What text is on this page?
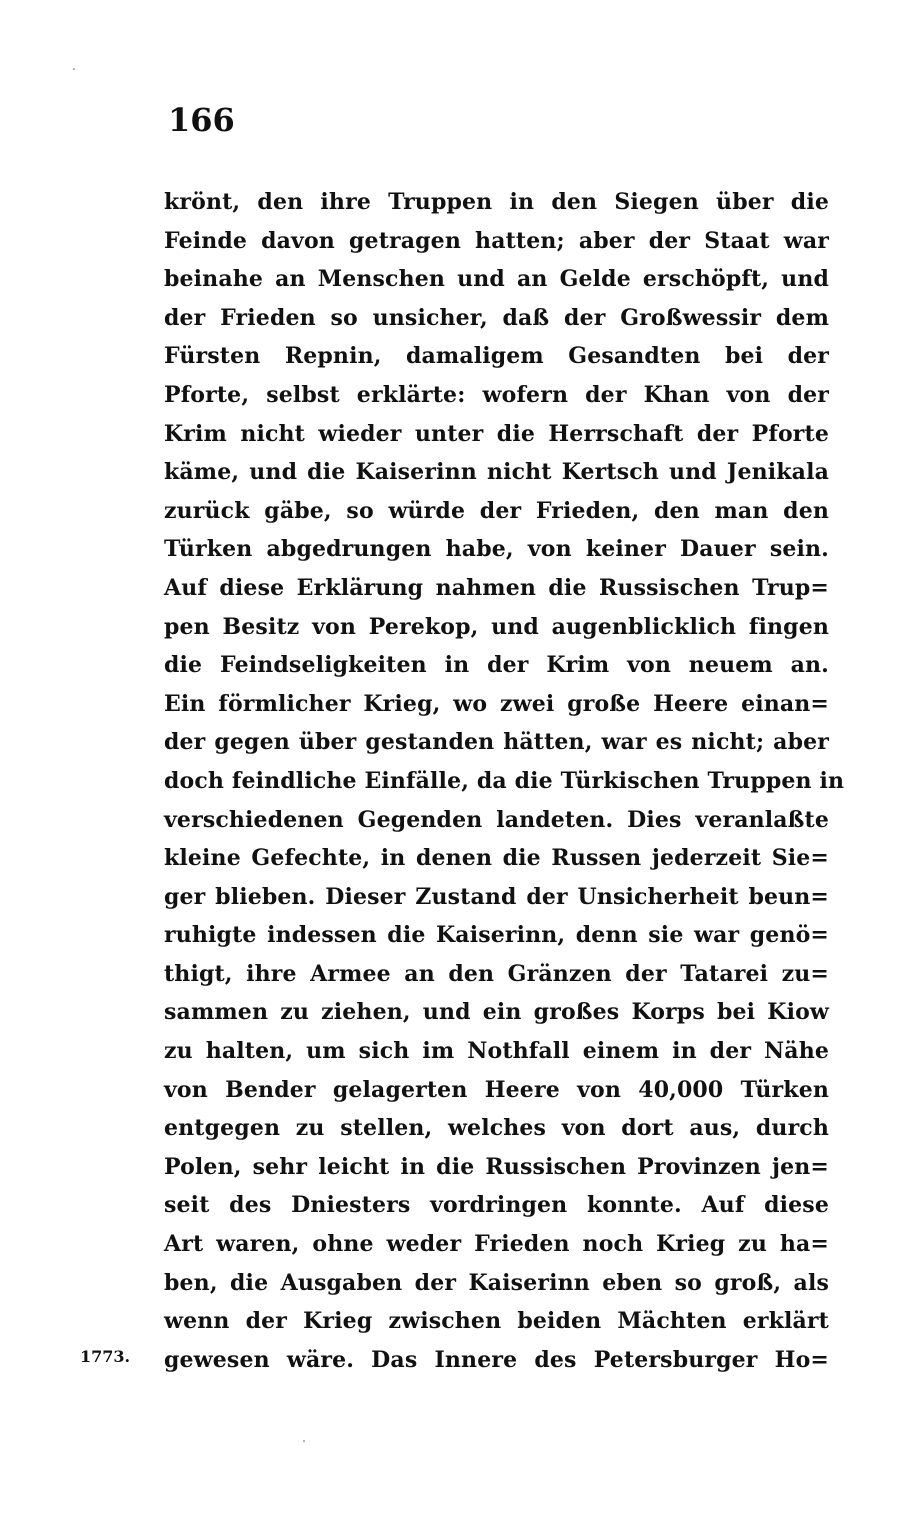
166
krönt, den ihre Truppen in den Siegen über die
Feinde davon getragen hatten; aber der Staat war
beinahe an Menschen und an Gelde erschöpft, und
der Frieden so unsicher, daß der Großwessir dem
Fürsten Repnin, damaligem Gesandten bei der
Pforte, selbst erklärte: wofern der Khan von der
Krim nicht wieder unter die Herrschaft der Pforte
käme, und die Kaiserinn nicht Kertsch und Jenikala
zurück gäbe, so würde der Frieden, den man den
Türken abgedrungen habe, von keiner Dauer sein.
Auf diese Erklärung nahmen die Russischen Trup=
pen Besitz von Perekop, und augenblicklich fingen
die Feindseligkeiten in der Krim von neuem an.
Ein förmlicher Krieg, wo zwei große Heere einan=
der gegen über gestanden hätten, war es nicht; aber
doch feindliche Einfälle, da die Türkischen Truppen in
verschiedenen Gegenden landeten. Dies veranlaßte
kleine Gefechte, in denen die Russen jederzeit Sie=
ger blieben. Dieser Zustand der Unsicherheit beun=
ruhigte indessen die Kaiserinn, denn sie war genö=
thigt, ihre Armee an den Gränzen der Tatarei zu=
sammen zu ziehen, und ein großes Korps bei Kiow
zu halten, um sich im Nothfall einem in der Nähe
von Bender gelagerten Heere von 40,000 Türken
entgegen zu stellen, welches von dort aus, durch
Polen, sehr leicht in die Russischen Provinzen jen=
seit des Dniesters vordringen konnte. Auf diese
Art waren, ohne weder Frieden noch Krieg zu ha=
ben, die Ausgaben der Kaiserinn eben so groß, als
wenn der Krieg zwischen beiden Mächten erklärt
gewesen wäre. Das Innere des Petersburger Ho=
1773.
